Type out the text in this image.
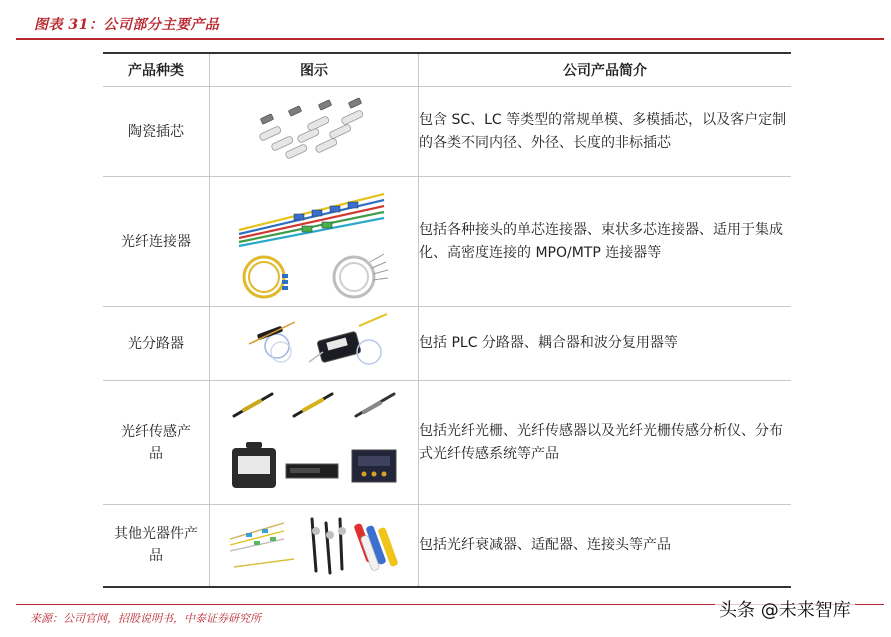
图表 31：公司部分主要产品
产品种类	图示	公司产品简介
陶瓷插芯		包含 SC、LC 等类型的常规单模、多模插芯，以及客户定制的各类不同内径、外径、长度的非标插芯
光纤连接器		包括各种接头的单芯连接器、束状多芯连接器、适用于集成化、高密度连接的 MPO/MTP 连接器等
光分路器		包括 PLC 分路器、耦合器和波分复用器等

光纤传感产品		包括光纤光栅、光纤传感器以及光纤光栅传感分析仪、分布式光纤传感系统等产品

其他光器件产品		包括光纤衰减器、适配器、连接头等产品
来源：公司官网，招股说明书，中泰证券研究所	头条 @未来智库
